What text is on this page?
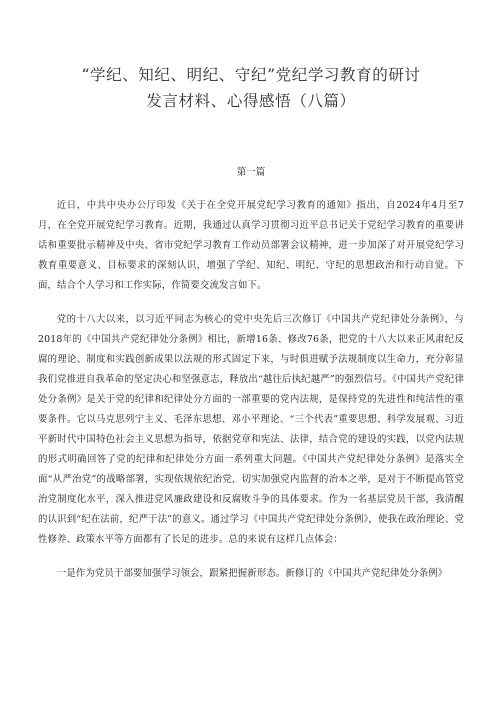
“学纪、知纪、明纪、守纪”党纪学习教育的研讨
发言材料、心得感悟（八篇）
第一篇

近日，中共中央办公厅印发《关于在全党开展党纪学习教育的通知》指出，自2024年4月至7月，在全党开展党纪学习教育。近期，我通过认真学习贯彻习近平总书记关于党纪学习教育的重要讲话和重要批示精神及中央、省市党纪学习教育工作动员部署会议精神，进一步加深了对开展党纪学习教育重要意义、目标要求的深刻认识，增强了学纪、知纪、明纪、守纪的思想政治和行动自觉。下面，结合个人学习和工作实际，作简要交流发言如下。

党的十八大以来，以习近平同志为核心的党中央先后三次修订《中国共产党纪律处分条例》，与2018年的《中国共产党纪律处分条例》相比，新增16条、修改76条，把党的十八大以来正风肃纪反腐的理论、制度和实践创新成果以法规的形式固定下来，与时俱进赋予法规制度以生命力，充分彰显我们党推进自我革命的坚定决心和坚强意志，释放出“越往后执纪越严”的强烈信号。《中国共产党纪律处分条例》是关于党的纪律和纪律处分方面的一部重要的党内法规，是保持党的先进性和纯洁性的重要条件。它以马克思列宁主义、毛泽东思想、邓小平理论、“三个代表”重要思想、科学发展观、习近平新时代中国特色社会主义思想为指导，依据党章和宪法、法律，结合党的建设的实践，以党内法规的形式明确回答了党的纪律和纪律处分方面一系列重大问题。《中国共产党纪律处分条例》是落实全面“从严治党”的战略部署，实现依规依纪治党，切实加强党内监督的治本之举，是对于不断提高管党治党制度化水平，深入推进党风廉政建设和反腐败斗争的具体要求。作为一名基层党员干部，我清醒的认识到“纪在法前，纪严于法”的意义。通过学习《中国共产党纪律处分条例》，使我在政治理论、党性修养、政策水平等方面都有了长足的进步。总的来说有这样几点体会：

一是作为党员干部要加强学习领会，跟紧把握新形态。新修订的《中国共产党纪律处分条例》
